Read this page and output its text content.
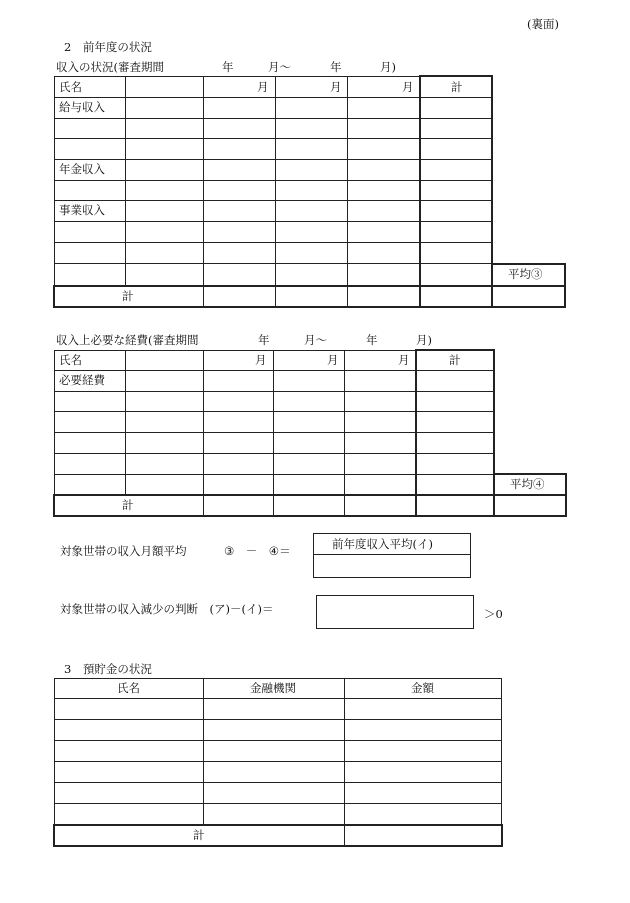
(裏面)
2　前年度の状況
収入の状況(審査期間	年	月～	年	月)
氏名	月	月	月	計
給与収入
年金収入
事業収入
平均③
計
収入上必要な経費(審査期間	年	月～	年	月)
氏名	月	月	月	計
必要経費
平均④
計
対象世帯の収入月額平均	③　－　④＝	前年度収入平均(イ)
対象世帯の収入減少の判断　(ア)－(イ)＝	＞0
3　預貯金の状況
氏名	金融機関	金額
計
